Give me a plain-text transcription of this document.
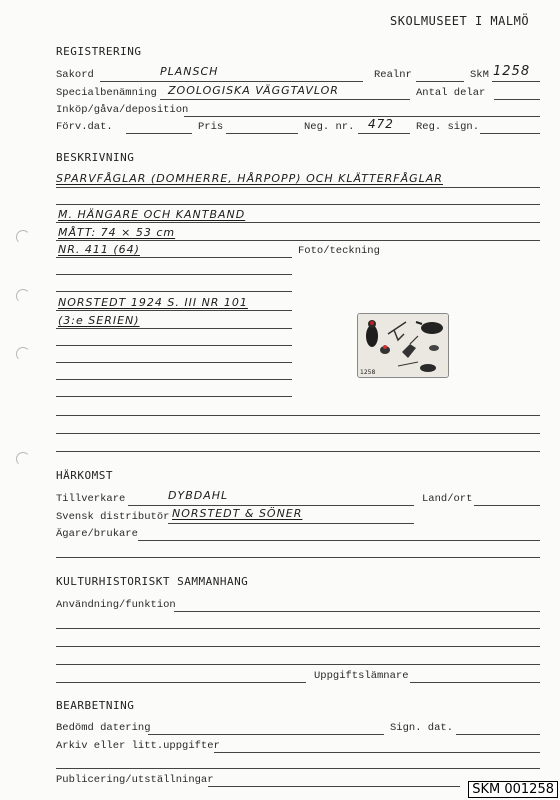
SKOLMUSEET I MALMÖ
REGISTRERING
Sakord	PLANSCH	Realnr	SkM 1258
Specialbenämning ZOOLOGISKA VÄGGTAVLOR	Antal delar
Inköp/gåva/deposition
Förv.dat.	Pris	Neg. nr. 472 Reg. sign.
BESKRIVNING
SPARVFÅGLAR (DOMHERRE, HÅRPOPP) OCH KLÄTTERFÅGLAR
M. HÄNGARE OCH KANTBAND
MÅTT: 74 × 53 cm
NR. 411 (64)	Foto/teckning
NORSTEDT 1924 S. III NR 101
(3:e SERIEN)
1258
HÄRKOMST
Tillverkare	DYBDAHL	Land/ort
Svensk distributör NORSTEDT & SÖNER
Ägare/brukare
KULTURHISTORISKT SAMMANHANG
Användning/funktion
Uppgiftslämnare
BEARBETNING
Bedömd datering	Sign. dat.
Arkiv eller litt.uppgifter
Publicering/utställningar
SKM 001258
